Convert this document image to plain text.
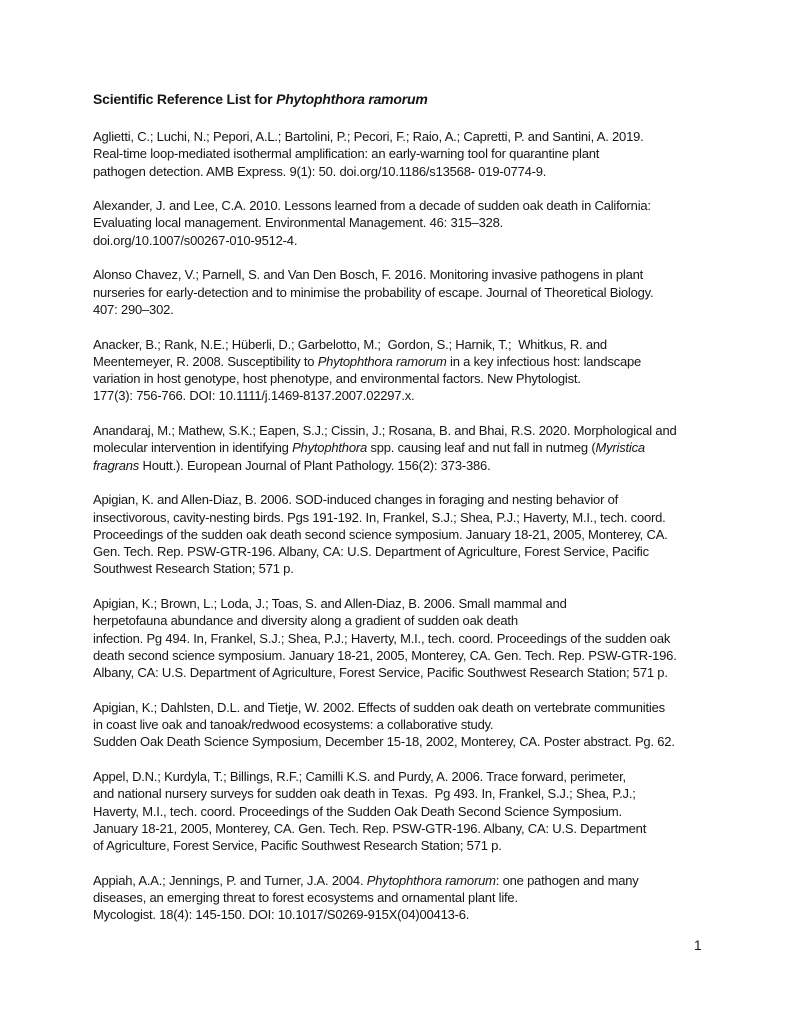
Scientific Reference List for Phytophthora ramorum
Aglietti, C.; Luchi, N.; Pepori, A.L.; Bartolini, P.; Pecori, F.; Raio, A.; Capretti, P. and Santini, A. 2019.
Real-time loop-mediated isothermal amplification: an early-warning tool for quarantine plant
pathogen detection. AMB Express. 9(1): 50. doi.org/10.1186/s13568- 019-0774-9.
Alexander, J. and Lee, C.A. 2010. Lessons learned from a decade of sudden oak death in California:
Evaluating local management. Environmental Management. 46: 315–328.
doi.org/10.1007/s00267-010-9512-4.
Alonso Chavez, V.; Parnell, S. and Van Den Bosch, F. 2016. Monitoring invasive pathogens in plant
nurseries for early-detection and to minimise the probability of escape. Journal of Theoretical Biology.
407: 290–302.
Anacker, B.; Rank, N.E.; Hüberli, D.; Garbelotto, M.;  Gordon, S.; Harnik, T.;  Whitkus, R. and
Meentemeyer, R. 2008. Susceptibility to Phytophthora ramorum in a key infectious host: landscape
variation in host genotype, host phenotype, and environmental factors. New Phytologist.
177(3): 756-766. DOI: 10.1111/j.1469-8137.2007.02297.x.
Anandaraj, M.; Mathew, S.K.; Eapen, S.J.; Cissin, J.; Rosana, B. and Bhai, R.S. 2020. Morphological and
molecular intervention in identifying Phytophthora spp. causing leaf and nut fall in nutmeg (Myristica
fragrans Houtt.). European Journal of Plant Pathology. 156(2): 373-386.
Apigian, K. and Allen-Diaz, B. 2006. SOD-induced changes in foraging and nesting behavior of
insectivorous, cavity-nesting birds. Pgs 191-192. In, Frankel, S.J.; Shea, P.J.; Haverty, M.I., tech. coord.
Proceedings of the sudden oak death second science symposium. January 18-21, 2005, Monterey, CA.
Gen. Tech. Rep. PSW-GTR-196. Albany, CA: U.S. Department of Agriculture, Forest Service, Pacific
Southwest Research Station; 571 p.
Apigian, K.; Brown, L.; Loda, J.; Toas, S. and Allen-Diaz, B. 2006. Small mammal and
herpetofauna abundance and diversity along a gradient of sudden oak death
infection. Pg 494. In, Frankel, S.J.; Shea, P.J.; Haverty, M.I., tech. coord. Proceedings of the sudden oak
death second science symposium. January 18-21, 2005, Monterey, CA. Gen. Tech. Rep. PSW-GTR-196.
Albany, CA: U.S. Department of Agriculture, Forest Service, Pacific Southwest Research Station; 571 p.
Apigian, K.; Dahlsten, D.L. and Tietje, W. 2002. Effects of sudden oak death on vertebrate communities
in coast live oak and tanoak/redwood ecosystems: a collaborative study.
Sudden Oak Death Science Symposium, December 15-18, 2002, Monterey, CA. Poster abstract. Pg. 62.
Appel, D.N.; Kurdyla, T.; Billings, R.F.; Camilli K.S. and Purdy, A. 2006. Trace forward, perimeter,
and national nursery surveys for sudden oak death in Texas.  Pg 493. In, Frankel, S.J.; Shea, P.J.;
Haverty, M.I., tech. coord. Proceedings of the Sudden Oak Death Second Science Symposium.
January 18-21, 2005, Monterey, CA. Gen. Tech. Rep. PSW-GTR-196. Albany, CA: U.S. Department
of Agriculture, Forest Service, Pacific Southwest Research Station; 571 p.
Appiah, A.A.; Jennings, P. and Turner, J.A. 2004. Phytophthora ramorum: one pathogen and many
diseases, an emerging threat to forest ecosystems and ornamental plant life.
Mycologist. 18(4): 145-150. DOI: 10.1017/S0269-915X(04)00413-6.
1
